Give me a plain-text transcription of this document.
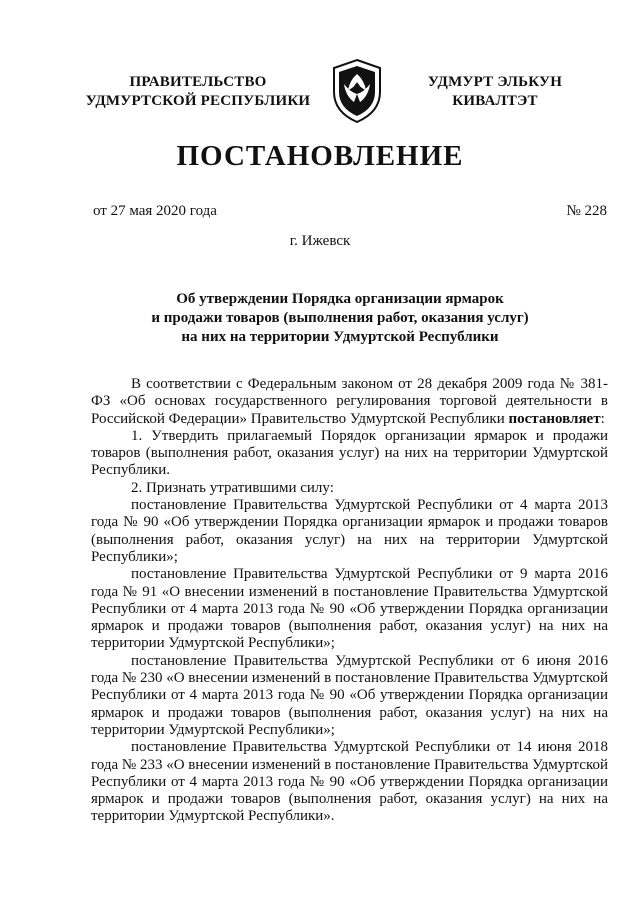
ПРАВИТЕЛЬСТВО
УДМУРТСКОЙ РЕСПУБЛИКИ
УДМУРТ ЭЛЬКУН
КИВАЛТЭТ
ПОСТАНОВЛЕНИЕ
от 27 мая 2020 года	№ 228
г. Ижевск
Об утверждении Порядка организации ярмарок
и продажи товаров (выполнения работ, оказания услуг)
на них на территории Удмуртской Республики

В соответствии с Федеральным законом от 28 декабря 2009 года № 381-ФЗ «Об основах государственного регулирования торговой деятельности в Российской Федерации» Правительство Удмуртской Республики постановляет:

1. Утвердить прилагаемый Порядок организации ярмарок и продажи товаров (выполнения работ, оказания услуг) на них на территории Удмуртской Республики.

2. Признать утратившими силу:

постановление Правительства Удмуртской Республики от 4 марта 2013 года № 90 «Об утверждении Порядка организации ярмарок и продажи товаров (выполнения работ, оказания услуг) на них на территории Удмуртской Республики»;

постановление Правительства Удмуртской Республики от 9 марта 2016 года № 91 «О внесении изменений в постановление Правительства Удмуртской Республики от 4 марта 2013 года № 90 «Об утверждении Порядка организации ярмарок и продажи товаров (выполнения работ, оказания услуг) на них на территории Удмуртской Республики»;

постановление Правительства Удмуртской Республики от 6 июня 2016 года № 230 «О внесении изменений в постановление Правительства Удмуртской Республики от 4 марта 2013 года № 90 «Об утверждении Порядка организации ярмарок и продажи товаров (выполнения работ, оказания услуг) на них на территории Удмуртской Республики»;

постановление Правительства Удмуртской Республики от 14 июня 2018 года № 233 «О внесении изменений в постановление Правительства Удмуртской Республики от 4 марта 2013 года № 90 «Об утверждении Порядка организации ярмарок и продажи товаров (выполнения работ, оказания услуг) на них на территории Удмуртской Республики».
